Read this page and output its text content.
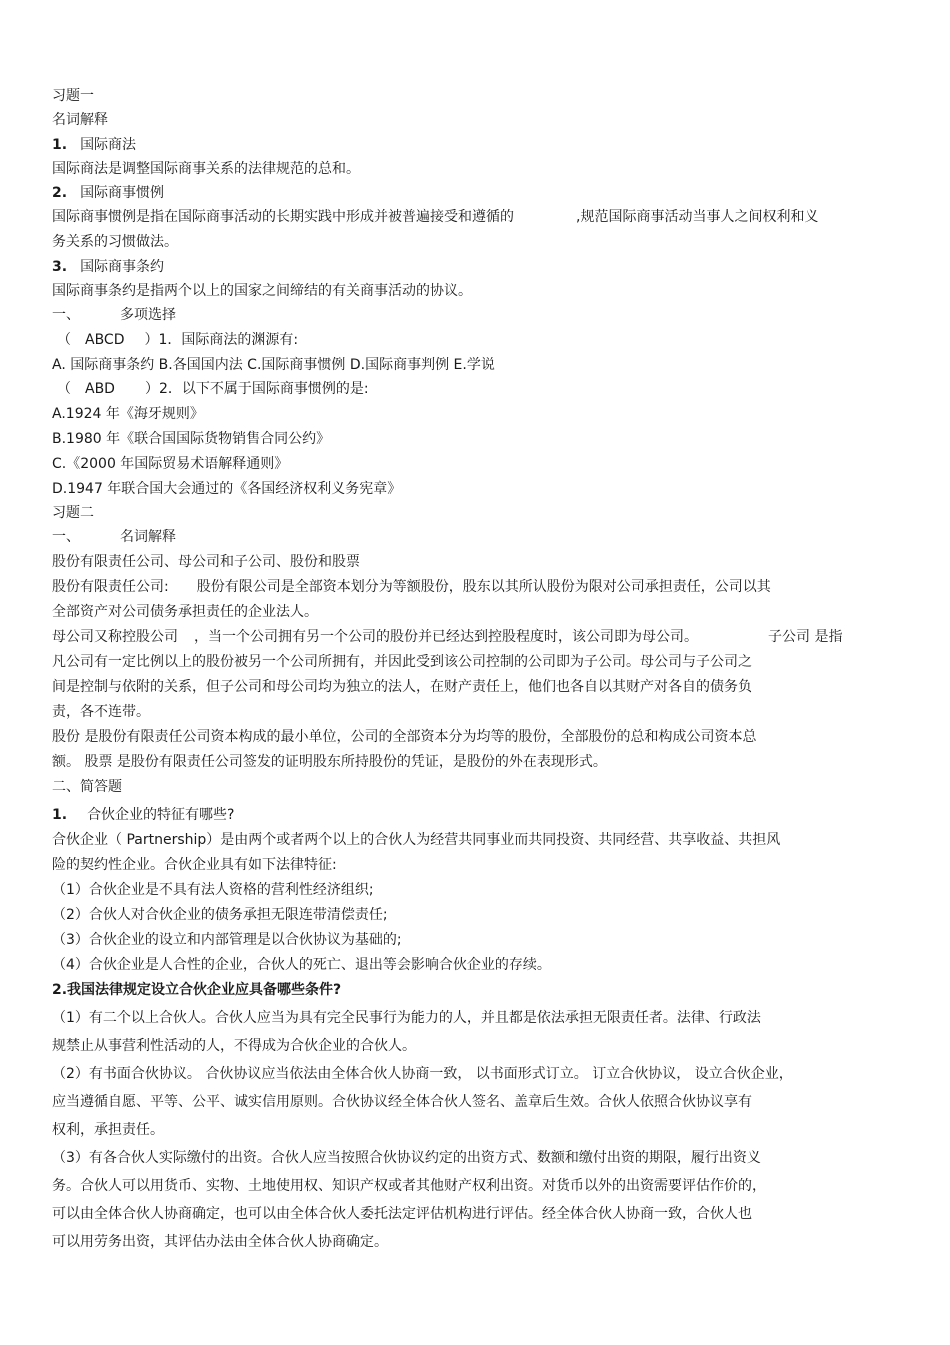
习题一

名词解释

1. 国际商法

国际商法是调整国际商事关系的法律规范的总和。

2. 国际商事惯例

国际商事惯例是指在国际商事活动的长期实践中形成并被普遍接受和遵循的	,规范国际商事活动当事人之间权利和义

务关系的习惯做法。

3. 国际商事条约

国际商事条约是指两个以上的国家之间缔结的有关商事活动的协议。

一、	多项选择

（ ABCD ）1．国际商法的渊源有:

A. 国际商事条约 B.各国国内法 C.国际商事惯例 D.国际商事判例 E.学说

（ ABD ）2．以下不属于国际商事惯例的是:

A.1924 年《海牙规则》

B.1980 年《联合国国际货物销售合同公约》

C.《2000 年国际贸易术语解释通则》

D.1947 年联合国大会通过的《各国经济权利义务宪章》

习题二

一、	名词解释

股份有限责任公司、母公司和子公司、股份和股票

股份有限责任公司: 股份有限公司是全部资本划分为等额股份，股东以其所认股份为限对公司承担责任，公司以其

全部资产对公司债务承担责任的企业法人。

母公司又称控股公司 ，当一个公司拥有另一个公司的股份并已经达到控股程度时，该公司即为母公司。	子公司 是指

凡公司有一定比例以上的股份被另一个公司所拥有，并因此受到该公司控制的公司即为子公司。母公司与子公司之

间是控制与依附的关系，但子公司和母公司均为独立的法人，在财产责任上，他们也各自以其财产对各自的债务负

责，各不连带。

股份 是股份有限责任公司资本构成的最小单位，公司的全部资本分为均等的股份，全部股份的总和构成公司资本总

额。 股票 是股份有限责任公司签发的证明股东所持股份的凭证，是股份的外在表现形式。

二、简答题

1. 合伙企业的特征有哪些?

合伙企业（ Partnership）是由两个或者两个以上的合伙人为经营共同事业而共同投资、共同经营、共享收益、共担风

险的契约性企业。合伙企业具有如下法律特征:

（1）合伙企业是不具有法人资格的营利性经济组织;

（2）合伙人对合伙企业的债务承担无限连带清偿责任;

（3）合伙企业的设立和内部管理是以合伙协议为基础的;

（4）合伙企业是人合性的企业，合伙人的死亡、退出等会影响合伙企业的存续。

2.我国法律规定设立合伙企业应具备哪些条件?

（1）有二个以上合伙人。合伙人应当为具有完全民事行为能力的人，并且都是依法承担无限责任者。法律、行政法

规禁止从事营利性活动的人，不得成为合伙企业的合伙人。

（2）有书面合伙协议。 合伙协议应当依法由全体合伙人协商一致， 以书面形式订立。 订立合伙协议， 设立合伙企业，

应当遵循自愿、平等、公平、诚实信用原则。合伙协议经全体合伙人签名、盖章后生效。合伙人依照合伙协议享有

权利，承担责任。

（3）有各合伙人实际缴付的出资。合伙人应当按照合伙协议约定的出资方式、数额和缴付出资的期限，履行出资义

务。合伙人可以用货币、实物、土地使用权、知识产权或者其他财产权利出资。对货币以外的出资需要评估作价的，

可以由全体合伙人协商确定，也可以由全体合伙人委托法定评估机构进行评估。经全体合伙人协商一致，合伙人也

可以用劳务出资，其评估办法由全体合伙人协商确定。
